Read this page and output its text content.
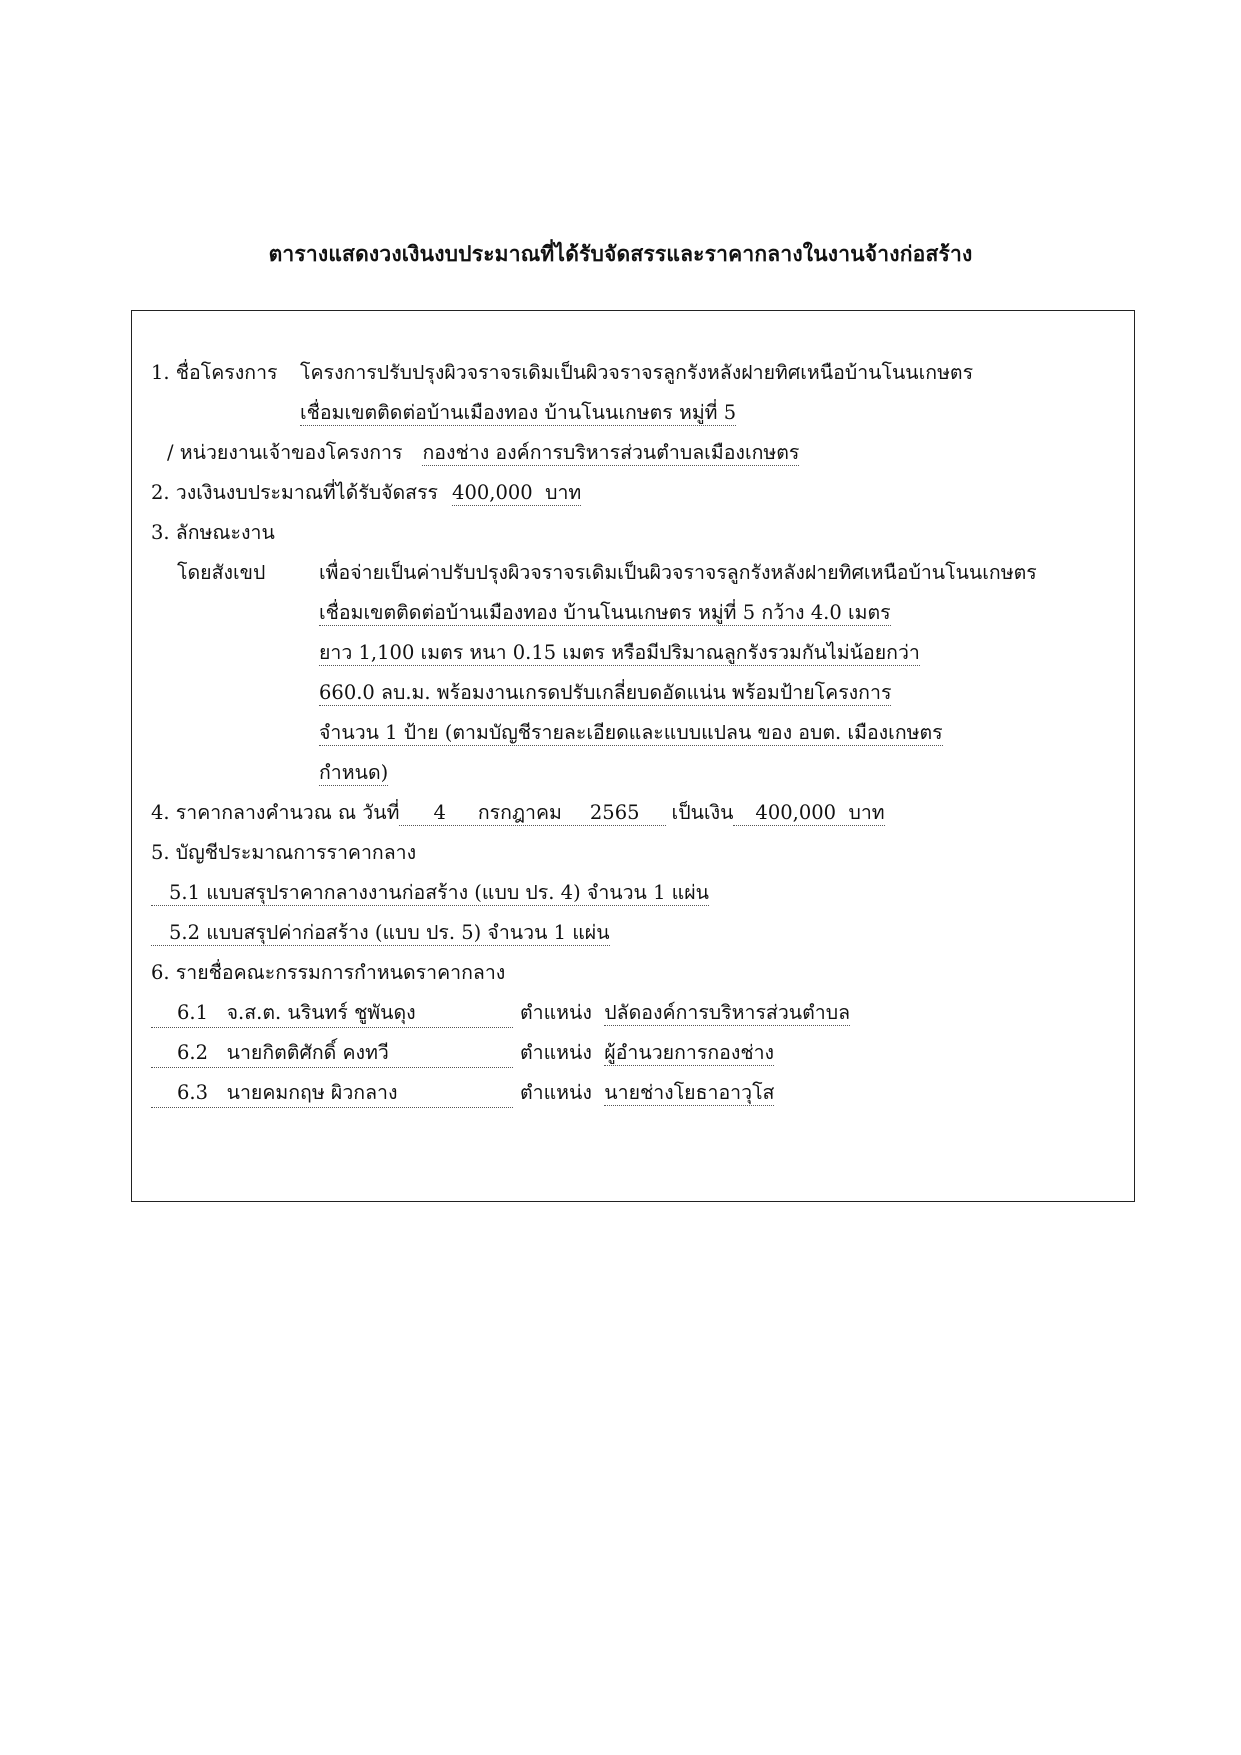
ตารางแสดงวงเงินงบประมาณที่ได้รับจัดสรรและราคากลางในงานจ้างก่อสร้าง
1. ชื่อโครงการ โครงการปรับปรุงผิวจราจรเดิมเป็นผิวจราจรลูกรังหลังฝายทิศเหนือบ้านโนนเกษตร
เชื่อมเขตติดต่อบ้านเมืองทอง บ้านโนนเกษตร หมู่ที่ 5
/ หน่วยงานเจ้าของโครงการ กองช่าง องค์การบริหารส่วนตำบลเมืองเกษตร
2. วงเงินงบประมาณที่ได้รับจัดสรร 400,000 บาท
3. ลักษณะงาน
โดยสังเขป	เพื่อจ่ายเป็นค่าปรับปรุงผิวจราจรเดิมเป็นผิวจราจรลูกรังหลังฝายทิศเหนือบ้านโนนเกษตร
เชื่อมเขตติดต่อบ้านเมืองทอง บ้านโนนเกษตร หมู่ที่ 5 กว้าง 4.0 เมตร
ยาว 1,100 เมตร หนา 0.15 เมตร หรือมีปริมาณลูกรังรวมกันไม่น้อยกว่า
660.0 ลบ.ม. พร้อมงานเกรดปรับเกลี่ยบดอัดแน่น พร้อมป้ายโครงการ
จำนวน 1 ป้าย (ตามบัญชีรายละเอียดและแบบแปลน ของ อบต. เมืองเกษตร
กำหนด)
4. ราคากลางคำนวณ ณ วันที่ 4 กรกฎาคม 2565 เป็นเงิน 400,000 บาท
5. บัญชีประมาณการราคากลาง
5.1 แบบสรุปราคากลางงานก่อสร้าง (แบบ ปร. 4) จำนวน 1 แผ่น
5.2 แบบสรุปค่าก่อสร้าง (แบบ ปร. 5) จำนวน 1 แผ่น
6. รายชื่อคณะกรรมการกำหนดราคากลาง
6.1 จ.ส.ต. นรินทร์ ชูพันดุง	ตำแหน่ง ปลัดองค์การบริหารส่วนตำบล
6.2 นายกิตติศักดิ์ คงทวี	ตำแหน่ง ผู้อำนวยการกองช่าง
6.3 นายคมกฤษ ผิวกลาง	ตำแหน่ง นายช่างโยธาอาวุโส
